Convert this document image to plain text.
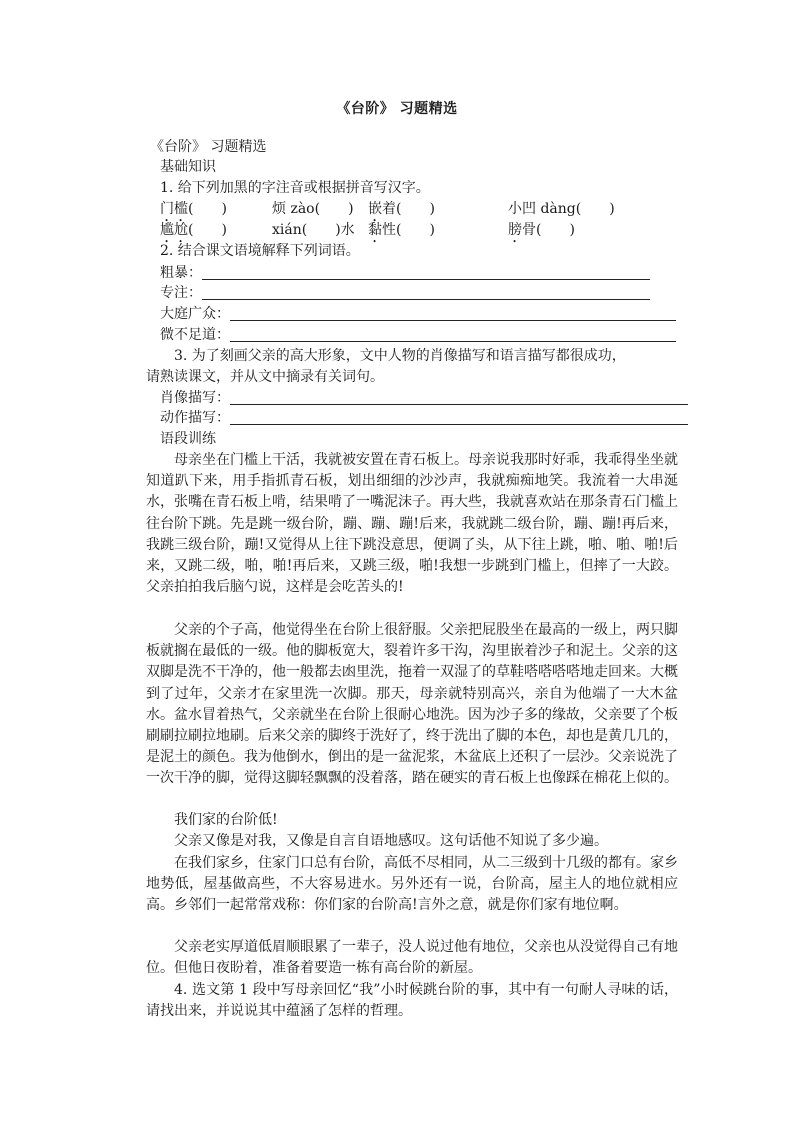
《台阶》 习题精选
《台阶》 习题精选
基础知识
1. 给下列加黑的字注音或根据拼音写汉字。
门槛(　　)	烦 zào(　　) 嵌着(　　)	小凹 dàng(　　)
尴尬(　　)	xián(　　)水 黏性(　　)	膀骨(　　)
2. 结合课文语境解释下列词语。
粗暴：
专注：
大庭广众：
微不足道：
3. 为了刻画父亲的高大形象，文中人物的肖像描写和语言描写都很成功，
请熟读课文，并从文中摘录有关词句。
肖像描写：
动作描写：
语段训练
母亲坐在门槛上干活，我就被安置在青石板上。母亲说我那时好乖，我乖得坐坐就知道趴下来，用手指抓青石板，划出细细的沙沙声，我就痴痴地笑。我流着一大串涎水，张嘴在青石板上啃，结果啃了一嘴泥沫子。再大些，我就喜欢站在那条青石门槛上往台阶下跳。先是跳一级台阶，蹦、蹦、蹦!后来，我就跳二级台阶，蹦、蹦!再后来，我跳三级台阶，蹦!又觉得从上往下跳没意思，便调了头，从下往上跳，啪、啪、啪!后来，又跳二级，啪，啪!再后来，又跳三级，啪!我想一步跳到门槛上，但摔了一大跤。父亲拍拍我后脑勺说，这样是会吃苦头的!
父亲的个子高，他觉得坐在台阶上很舒服。父亲把屁股坐在最高的一级上，两只脚板就搁在最低的一级。他的脚板宽大，裂着许多干沟，沟里嵌着沙子和泥土。父亲的这双脚是洗不干净的，他一般都去凼里洗，拖着一双湿了的草鞋嗒嗒嗒嗒地走回来。大概到了过年，父亲才在家里洗一次脚。那天，母亲就特别高兴，亲自为他端了一大木盆水。盆水冒着热气，父亲就坐在台阶上很耐心地洗。因为沙子多的缘故，父亲要了个板刷刷拉刷拉地刷。后来父亲的脚终于洗好了，终于洗出了脚的本色，却也是黄几几的，是泥土的颜色。我为他倒水，倒出的是一盆泥浆，木盆底上还积了一层沙。父亲说洗了一次干净的脚，觉得这脚轻飘飘的没着落，踏在硬实的青石板上也像踩在棉花上似的。
我们家的台阶低!
父亲又像是对我，又像是自言自语地感叹。这句话他不知说了多少遍。
在我们家乡，住家门口总有台阶，高低不尽相同，从二三级到十几级的都有。家乡地势低，屋基做高些，不大容易进水。另外还有一说，台阶高，屋主人的地位就相应高。乡邻们一起常常戏称：你们家的台阶高!言外之意，就是你们家有地位啊。
父亲老实厚道低眉顺眼累了一辈子，没人说过他有地位，父亲也从没觉得自己有地位。但他日夜盼着，准备着要造一栋有高台阶的新屋。
4. 选文第 1 段中写母亲回忆“我”小时候跳台阶的事，其中有一句耐人寻味的话，请找出来，并说说其中蕴涵了怎样的哲理。
